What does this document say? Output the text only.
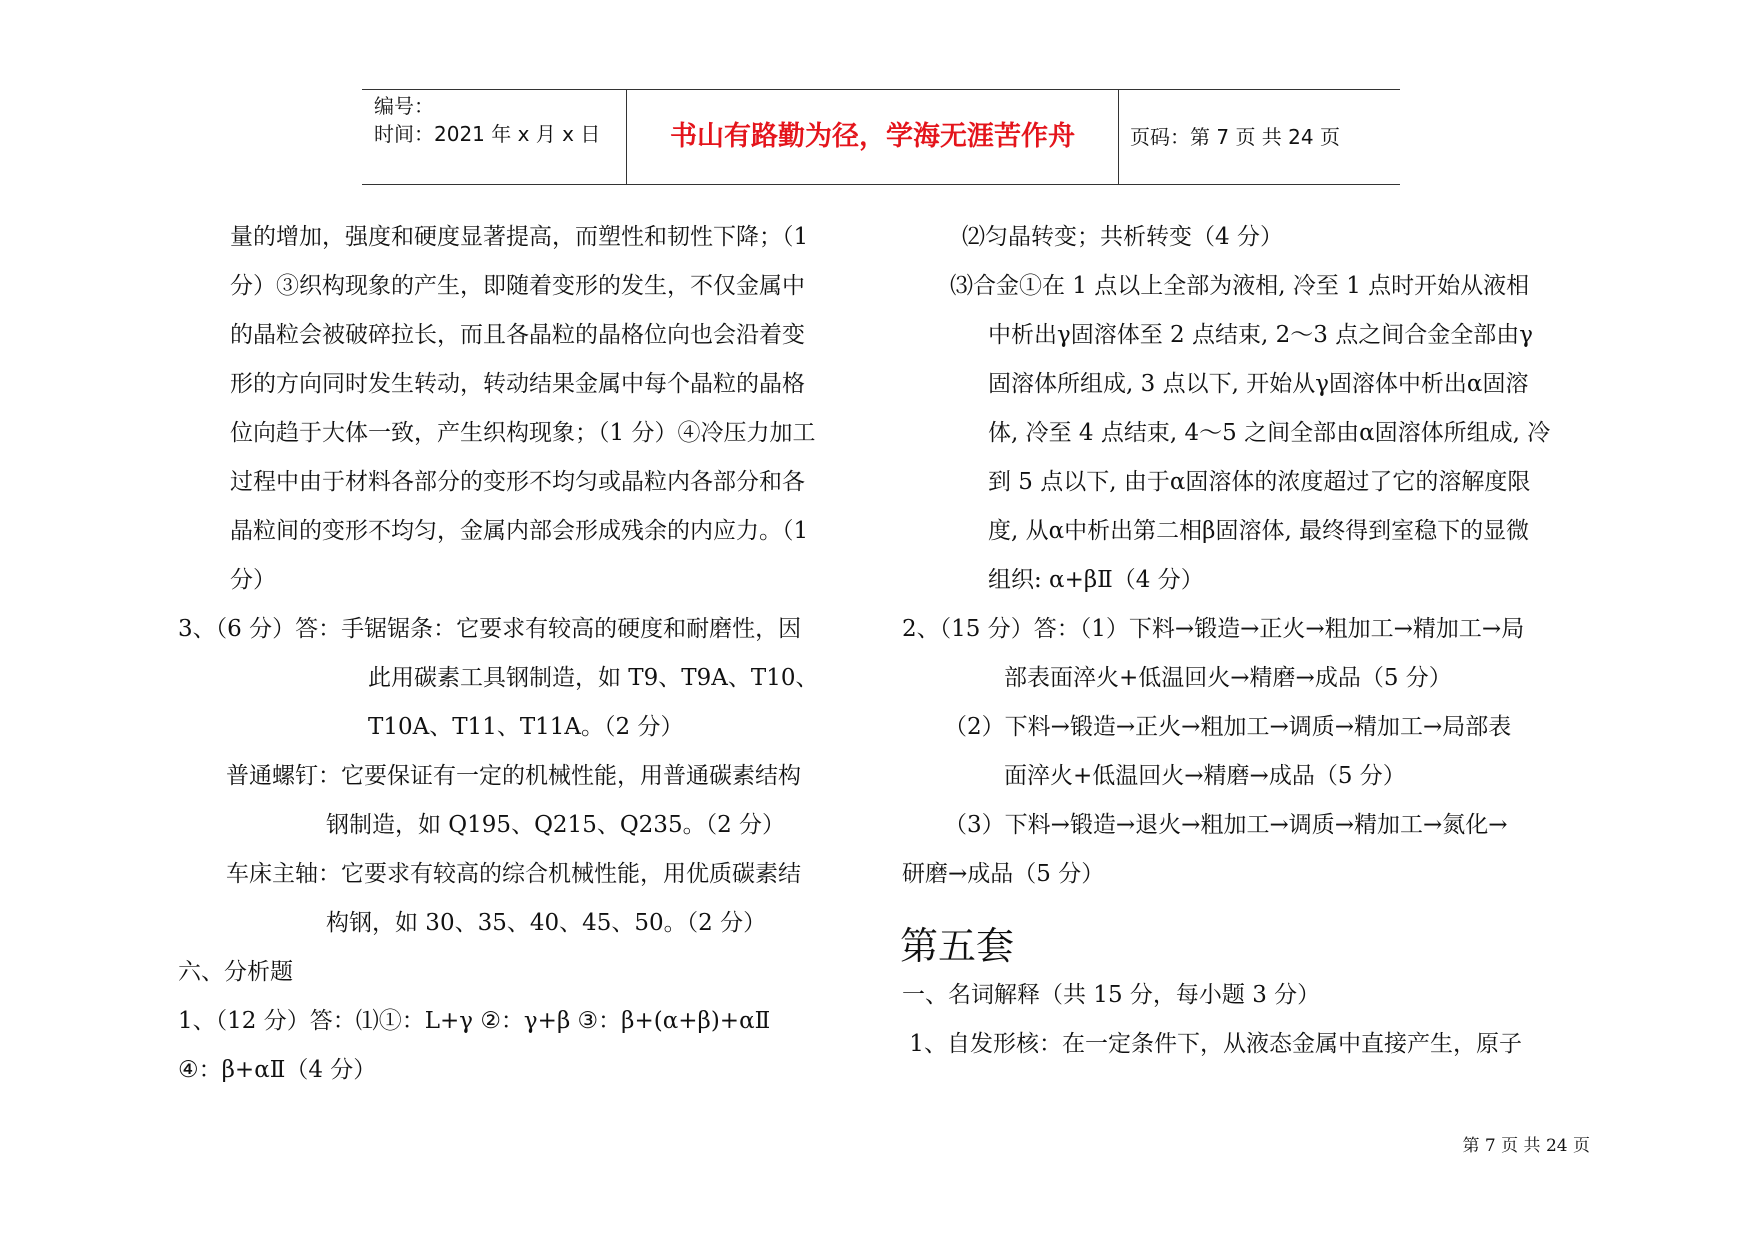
编号：
时间：2021 年 x 月 x 日	书山有路勤为径，学海无涯苦作舟	页码：第 7 页 共 24 页
量的增加，强度和硬度显著提高，而塑性和韧性下降；（1
分）③织构现象的产生，即随着变形的发生，不仅金属中
的晶粒会被破碎拉长，而且各晶粒的晶格位向也会沿着变
形的方向同时发生转动，转动结果金属中每个晶粒的晶格
位向趋于大体一致，产生织构现象；（1 分）④冷压力加工
过程中由于材料各部分的变形不均匀或晶粒内各部分和各
晶粒间的变形不均匀，金属内部会形成残余的内应力。（1
分）
3、（6 分）答：手锯锯条：它要求有较高的硬度和耐磨性，因
此用碳素工具钢制造，如 T9、T9A、T10、
T10A、T11、T11A。（2 分）
普通螺钉：它要保证有一定的机械性能，用普通碳素结构
钢制造，如 Q195、Q215、Q235。（2 分）
车床主轴：它要求有较高的综合机械性能，用优质碳素结
构钢，如 30、35、40、45、50。（2 分）
六、分析题
1、（12 分）答：⑴①：L+γ ②：γ+β ③：β+(α+β)+αⅡ
④：β+αⅡ（4 分）
⑵匀晶转变；共析转变（4 分）
⑶合金①在 1 点以上全部为液相, 冷至 1 点时开始从液相
中析出γ固溶体至 2 点结束, 2～3 点之间合金全部由γ
固溶体所组成, 3 点以下, 开始从γ固溶体中析出α固溶
体, 冷至 4 点结束, 4～5 之间全部由α固溶体所组成, 冷
到 5 点以下, 由于α固溶体的浓度超过了它的溶解度限
度, 从α中析出第二相β固溶体, 最终得到室稳下的显微
组织: α+βⅡ（4 分）
2、（15 分）答：（1）下料→锻造→正火→粗加工→精加工→局
部表面淬火+低温回火→精磨→成品（5 分）
（2）下料→锻造→正火→粗加工→调质→精加工→局部表
面淬火+低温回火→精磨→成品（5 分）
（3）下料→锻造→退火→粗加工→调质→精加工→氮化→
研磨→成品（5 分）
第五套
一、名词解释（共 15 分，每小题 3 分）
1、自发形核：在一定条件下，从液态金属中直接产生，原子
第 7 页 共 24 页
